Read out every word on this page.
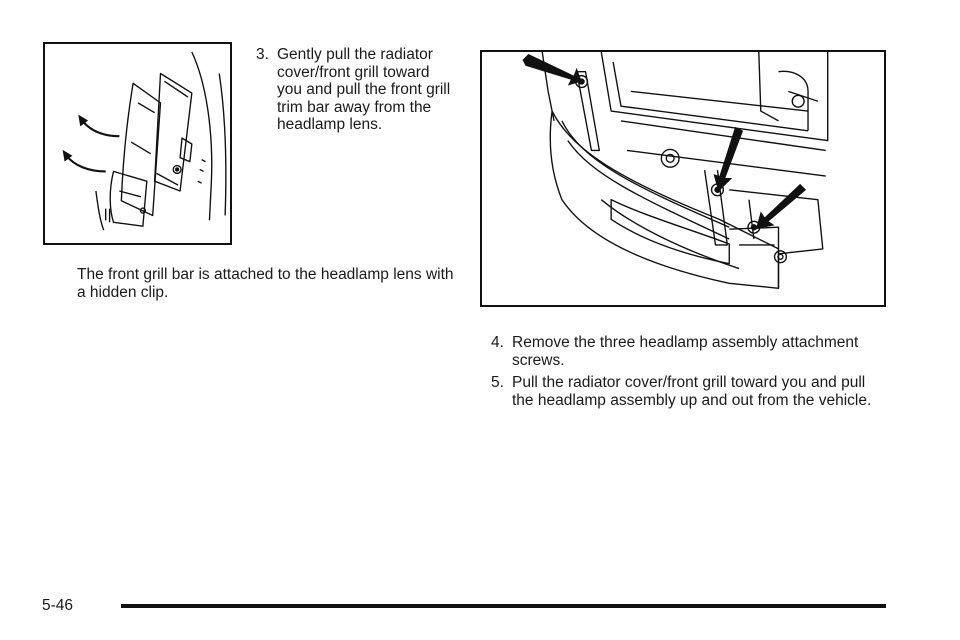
3. Gently pull the radiator cover/front grill toward you and pull the front grill trim bar away from the headlamp lens.
The front grill bar is attached to the headlamp lens with a hidden clip.
4. Remove the three headlamp assembly attachment screws.
5. Pull the radiator cover/front grill toward you and pull the headlamp assembly up and out from the vehicle.
5-46
